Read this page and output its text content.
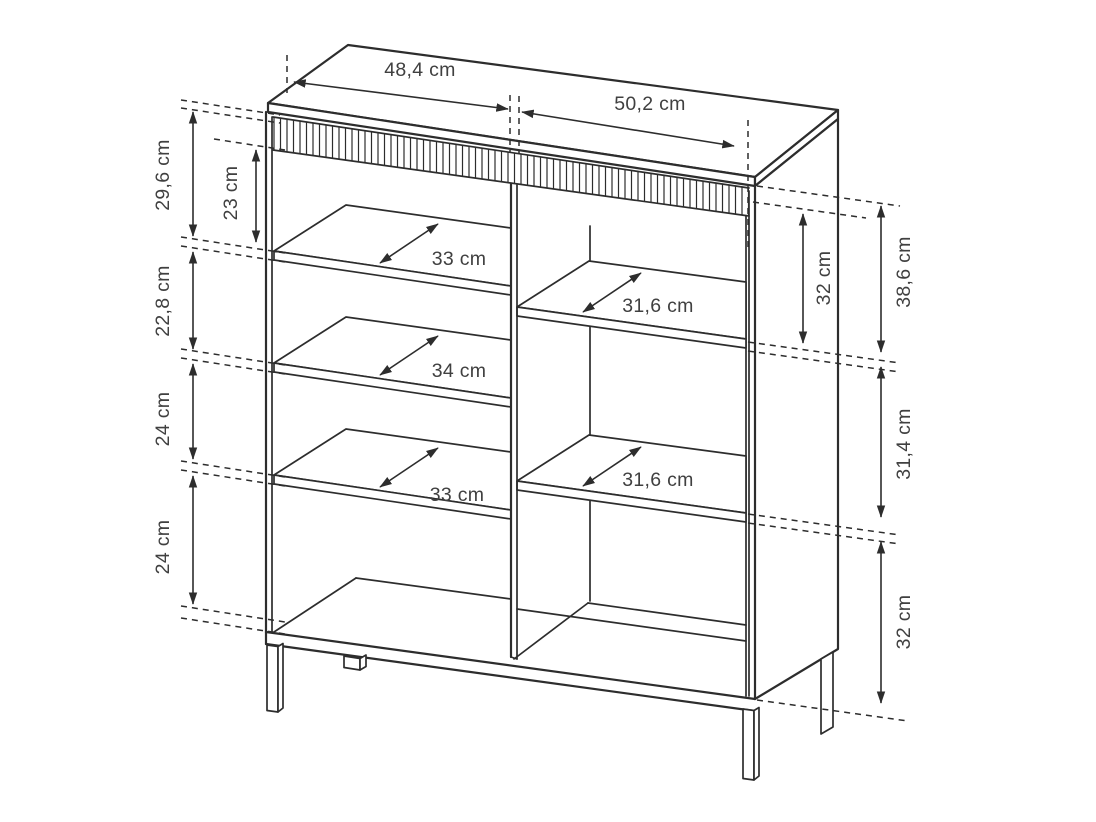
48,4 cm
50,2 cm
29,6 cm
22,8 cm
24 cm
24 cm
23 cm
32 cm	38,6 cm
31,4 cm
32 cm
33 cm
34 cm
33 cm
31,6 cm
31,6 cm
